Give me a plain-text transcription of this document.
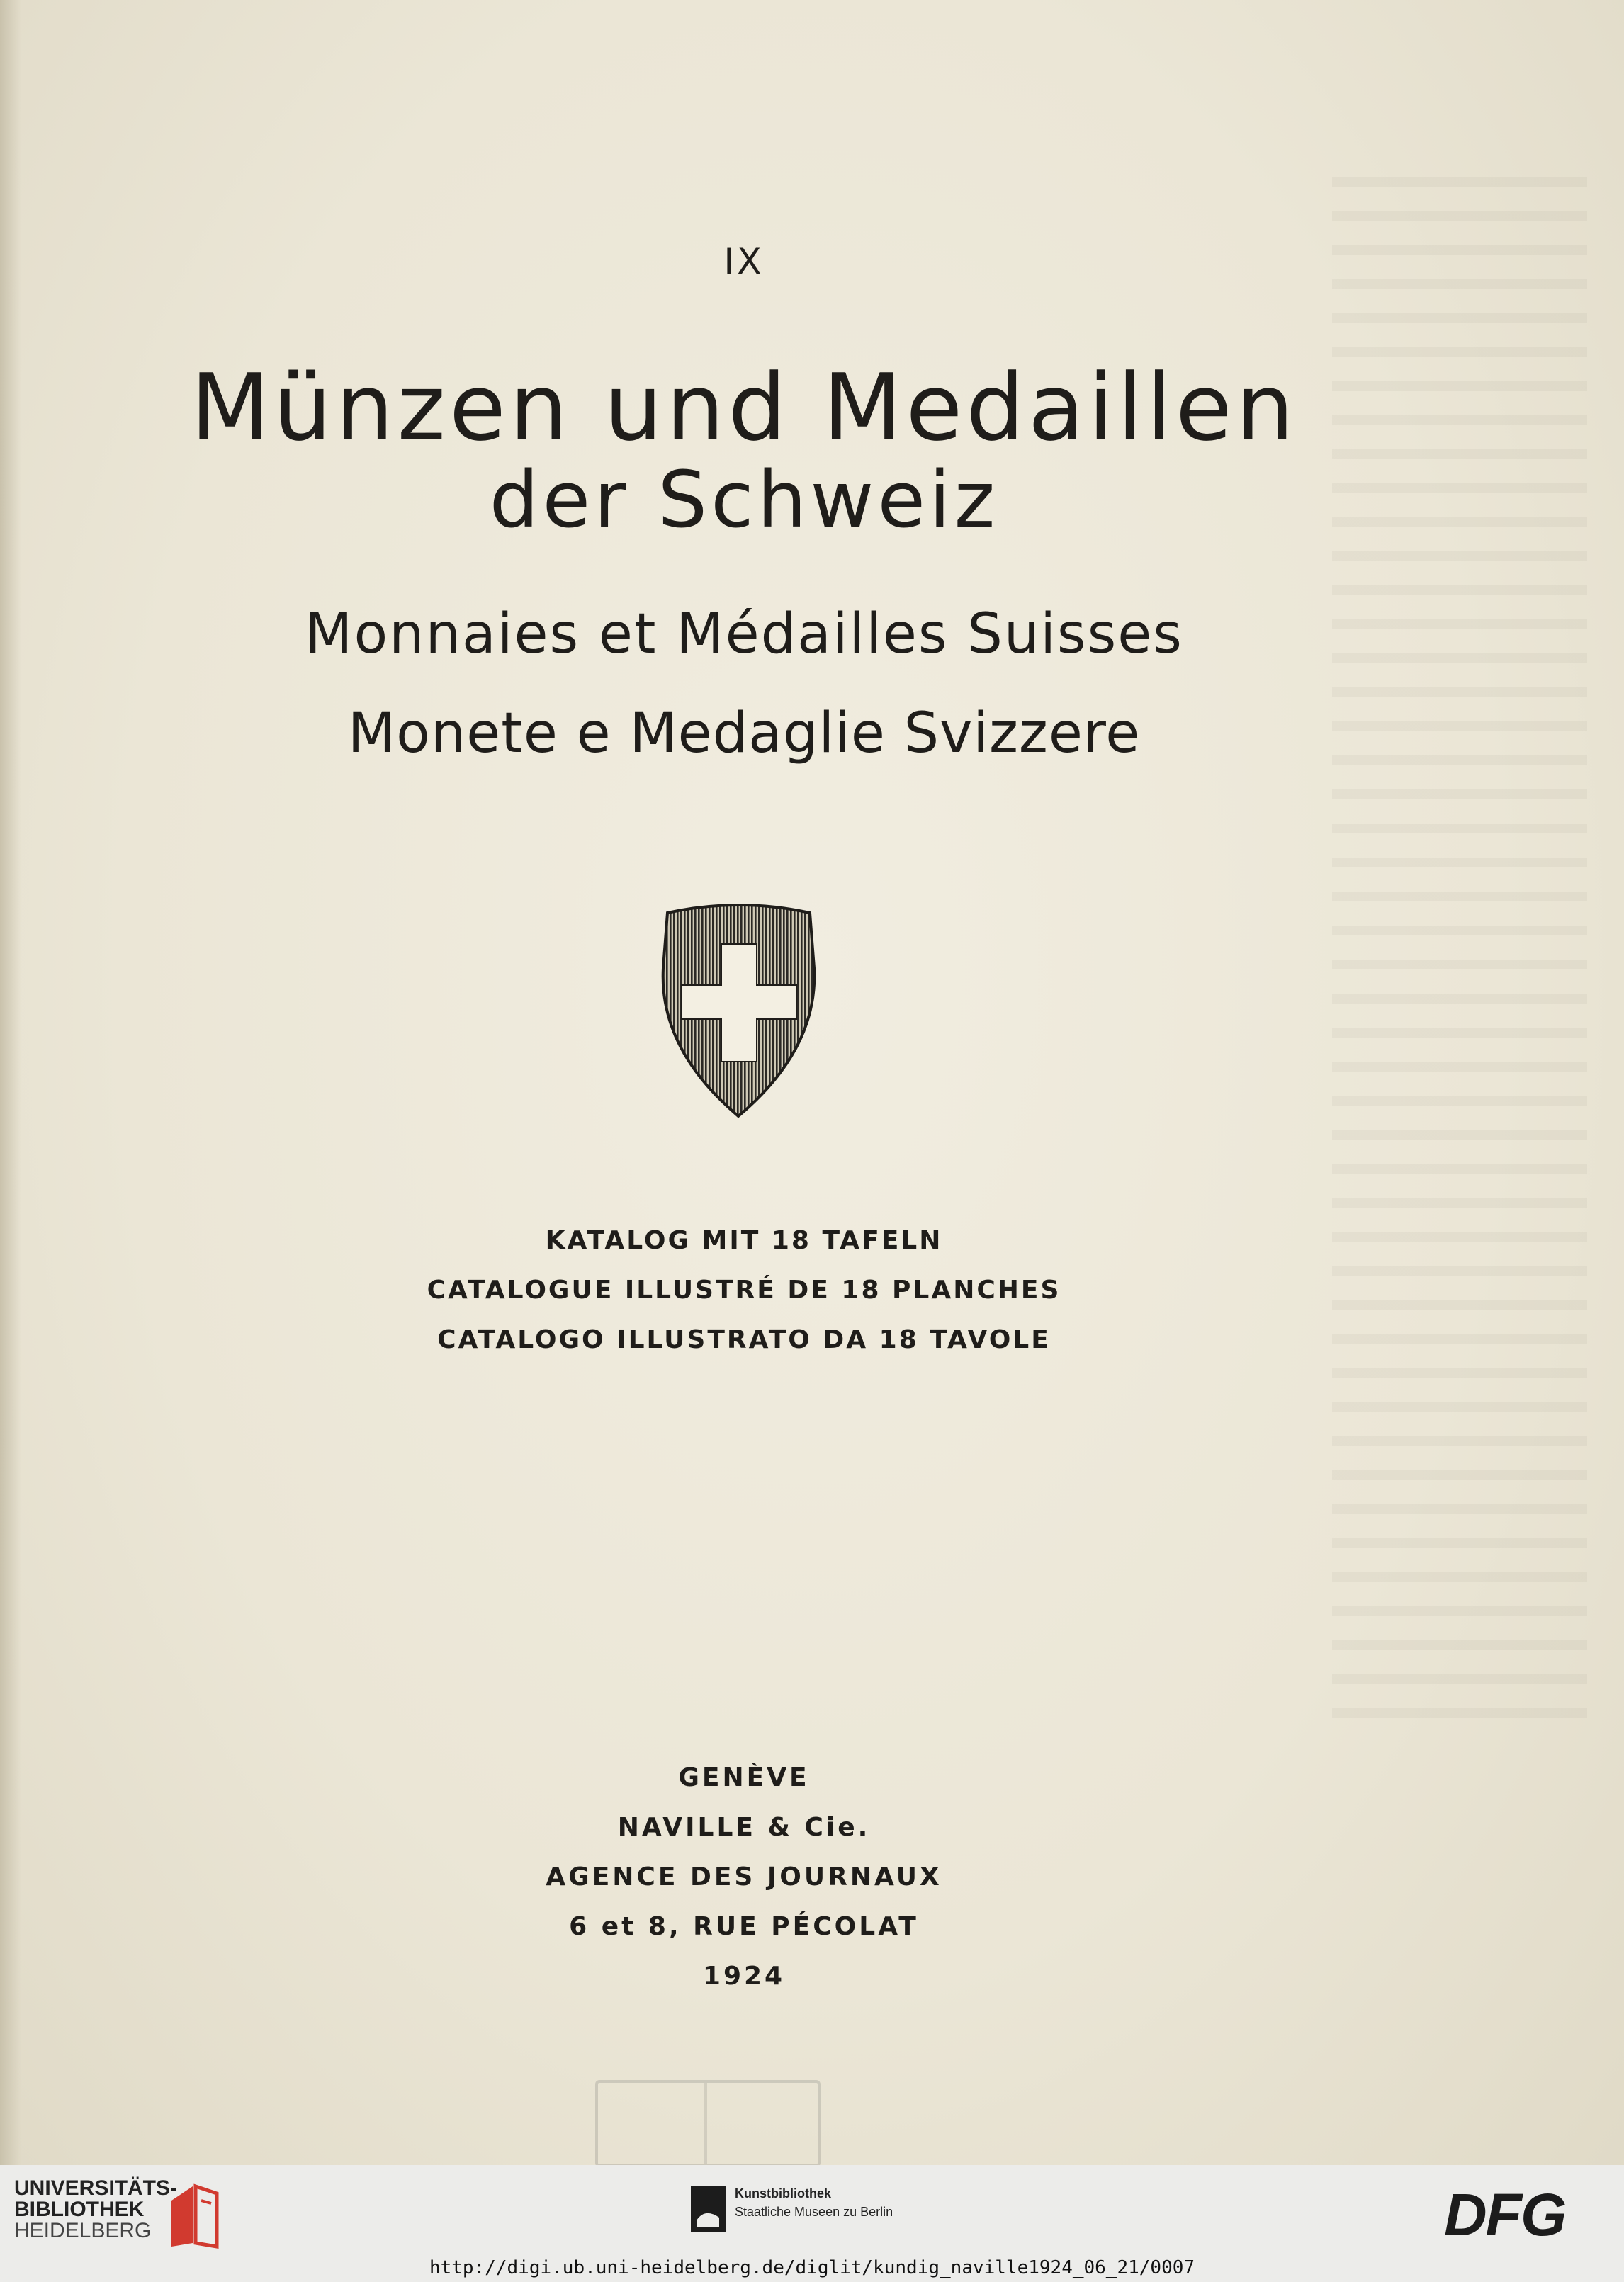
IX
Münzen und Medaillen
der Schweiz
Monnaies et Médailles Suisses
Monete e Medaglie Svizzere
KATALOG MIT 18 TAFELN
CATALOGUE ILLUSTRÉ DE 18 PLANCHES
CATALOGO ILLUSTRATO DA 18 TAVOLE
GENÈVE
NAVILLE & Cie.
AGENCE DES JOURNAUX
6 et 8, RUE PÉCOLAT
1924
UNIVERSITÄTS-
BIBLIOTHEK
HEIDELBERG
Kunstbibliothek
Staatliche Museen zu Berlin	DFG
http://digi.ub.uni-heidelberg.de/diglit/kundig_naville1924_06_21/0007
